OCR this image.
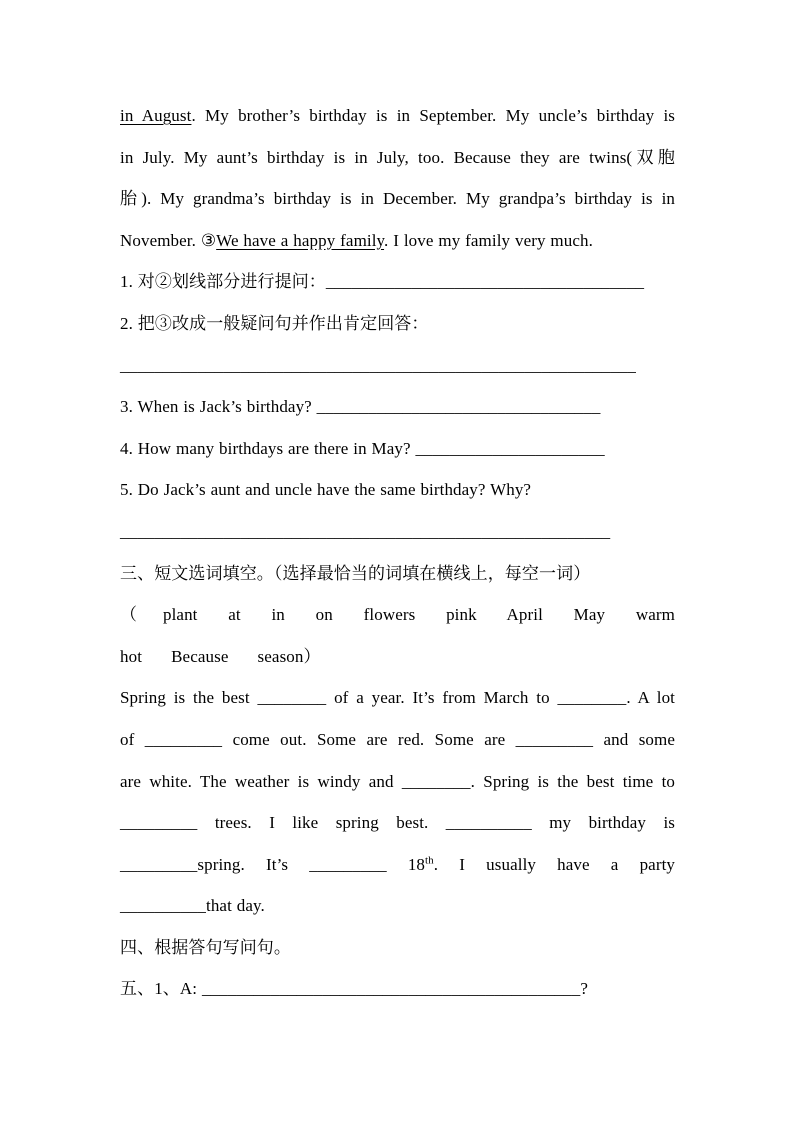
in August. My brother’s birthday is in September. My uncle’s birthday is

in July. My aunt’s birthday is in July, too. Because they are twins(双胞

胎). My grandma’s birthday is in December. My grandpa’s birthday is in

November. ③We have a happy family. I love my family very much.

1. 对②划线部分进行提问：_____________________________________

2. 把③改成一般疑问句并作出肯定回答：

____________________________________________________________

3. When is Jack’s birthday? _________________________________

4. How many birthdays are there in May? ______________________

5. Do Jack’s aunt and uncle have the same birthday? Why?

_________________________________________________________

三、短文选词填空。（选择最恰当的词填在横线上，每空一词）

（plant at in on flowers pink April May warm

hot      Because      season）

Spring is the best ________ of a year. It’s from March to ________. A lot

of _________ come out. Some are red. Some are _________ and some

are white. The weather is windy and ________. Spring is the best time to

_________ trees. I like spring best. __________ my birthday is

_________spring. It’s _________ 18th. I usually have a party

__________that day.

四、根据答句写问句。

五、1、A: ____________________________________________?
